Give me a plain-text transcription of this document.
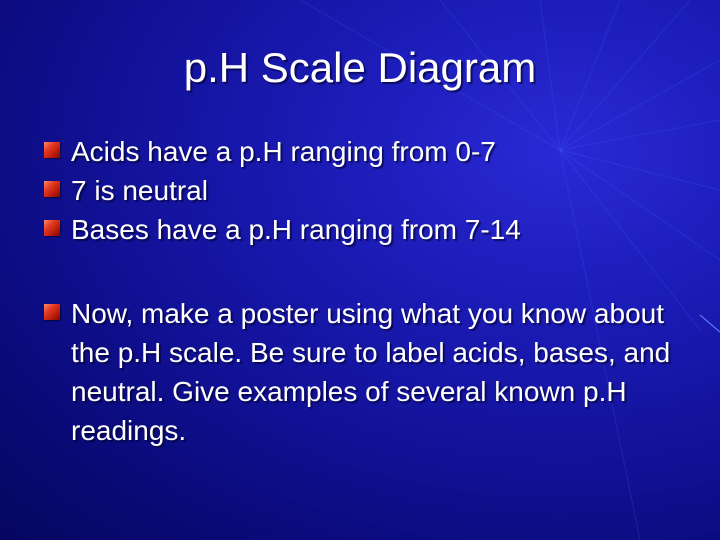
p.H Scale Diagram
Acids have a p.H ranging from 0-7
7 is neutral
Bases have a p.H ranging from 7-14
Now, make a poster using what you know about the p.H scale. Be sure to label acids, bases, and neutral. Give examples of several known p.H readings.
